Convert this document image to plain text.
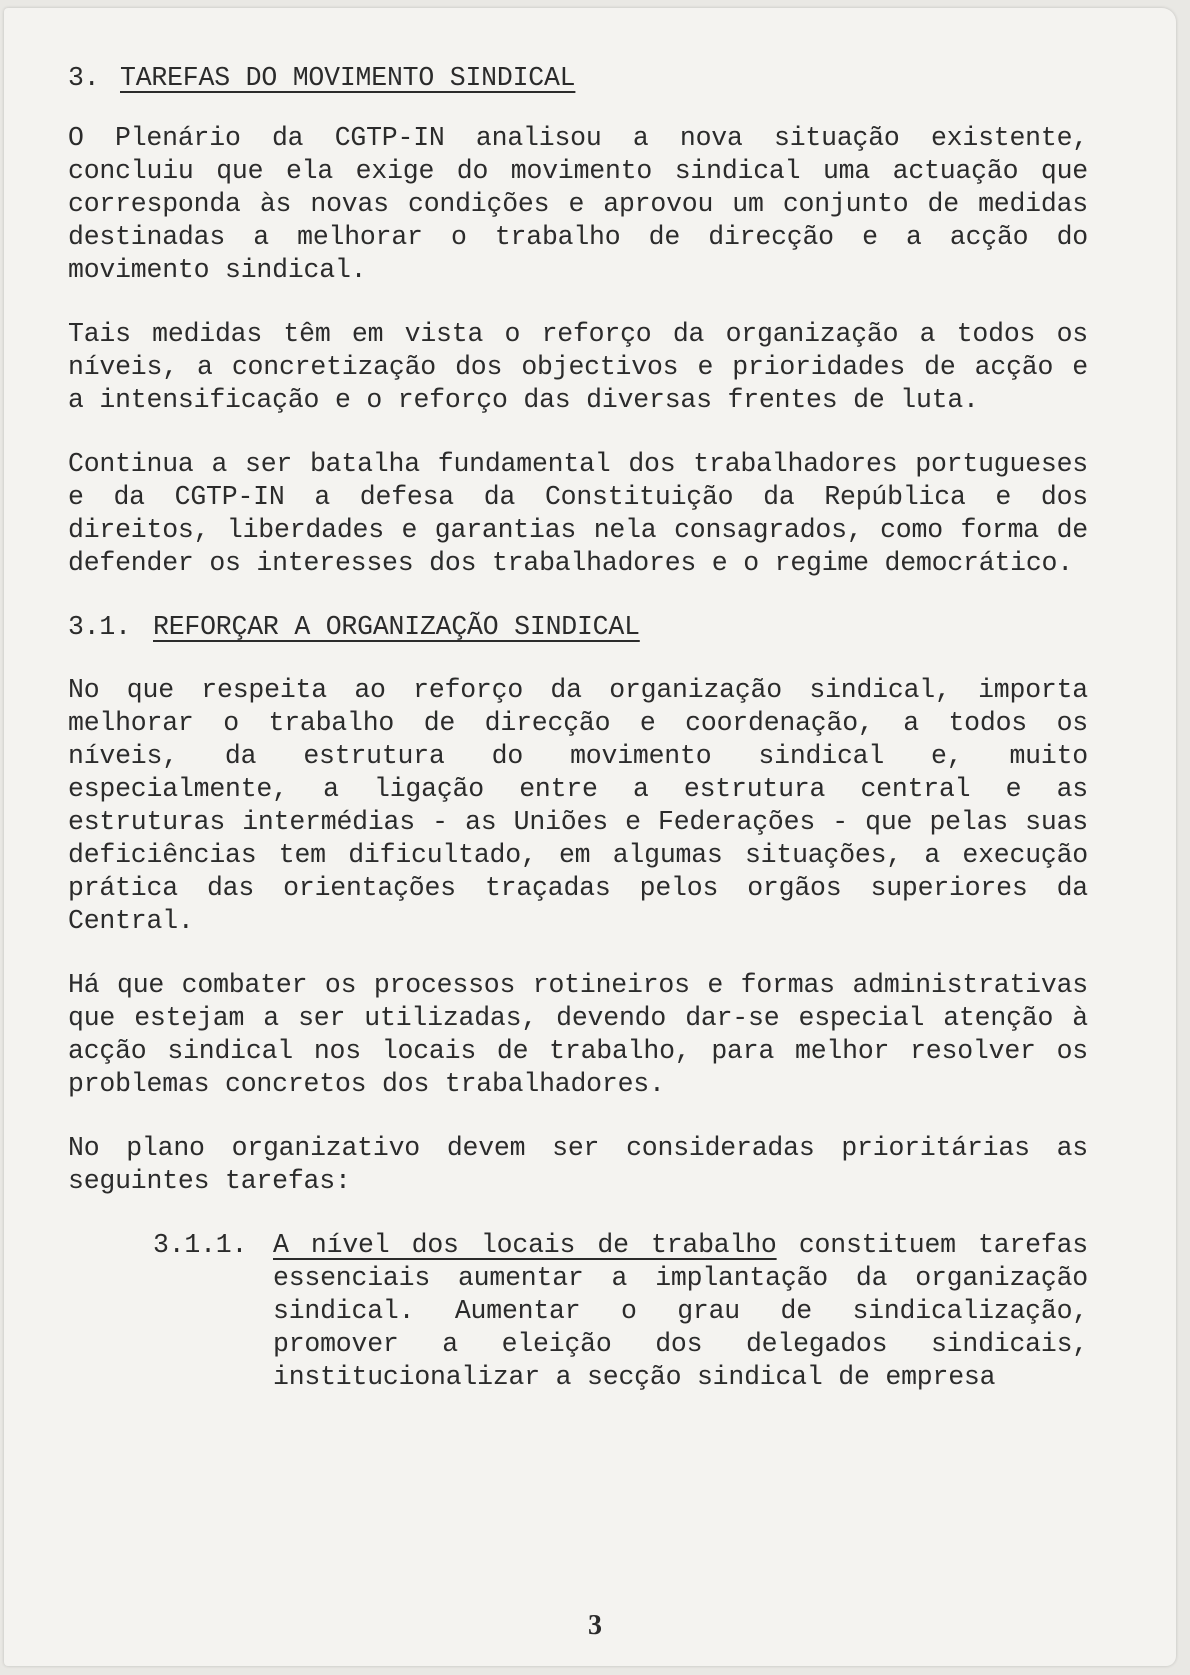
3. TAREFAS DO MOVIMENTO SINDICAL

O Plenário da CGTP-IN analisou a nova situação existente, concluiu que ela exige do movimento sindical uma actuação que corresponda às novas condições e aprovou um conjunto de medidas destinadas a melhorar o trabalho de direcção e a acção do movimento sindical.

Tais medidas têm em vista o reforço da organização a todos os níveis, a concretização dos objectivos e prioridades de acção e a intensificação e o reforço das diversas frentes de luta.

Continua a ser batalha fundamental dos trabalhadores portugueses e da CGTP-IN a defesa da Constituição da República e dos direitos, liberdades e garantias nela consagrados, como forma de defender os interesses dos trabalhadores e o regime democrático.

3.1. REFORÇAR A ORGANIZAÇÃO SINDICAL

No que respeita ao reforço da organização sindical, importa melhorar o trabalho de direcção e coordenação, a todos os níveis, da estrutura do movimento sindical e, muito especialmente, a ligação entre a estrutura central e as estruturas intermédias - as Uniões e Federações - que pelas suas deficiências tem dificultado, em algumas situações, a execução prática das orientações traçadas pelos orgãos superiores da Central.

Há que combater os processos rotineiros e formas administrativas que estejam a ser utilizadas, devendo dar-se especial atenção à acção sindical nos locais de trabalho, para melhor resolver os problemas concretos dos trabalhadores.

No plano organizativo devem ser consideradas prioritárias as seguintes tarefas:

3.1.1. A nível dos locais de trabalho constituem tarefas essenciais aumentar a implantação da organização sindical. Aumentar o grau de sindicalização, promover a eleição dos delegados sindicais, institucionalizar a secção sindical de empresa
3
